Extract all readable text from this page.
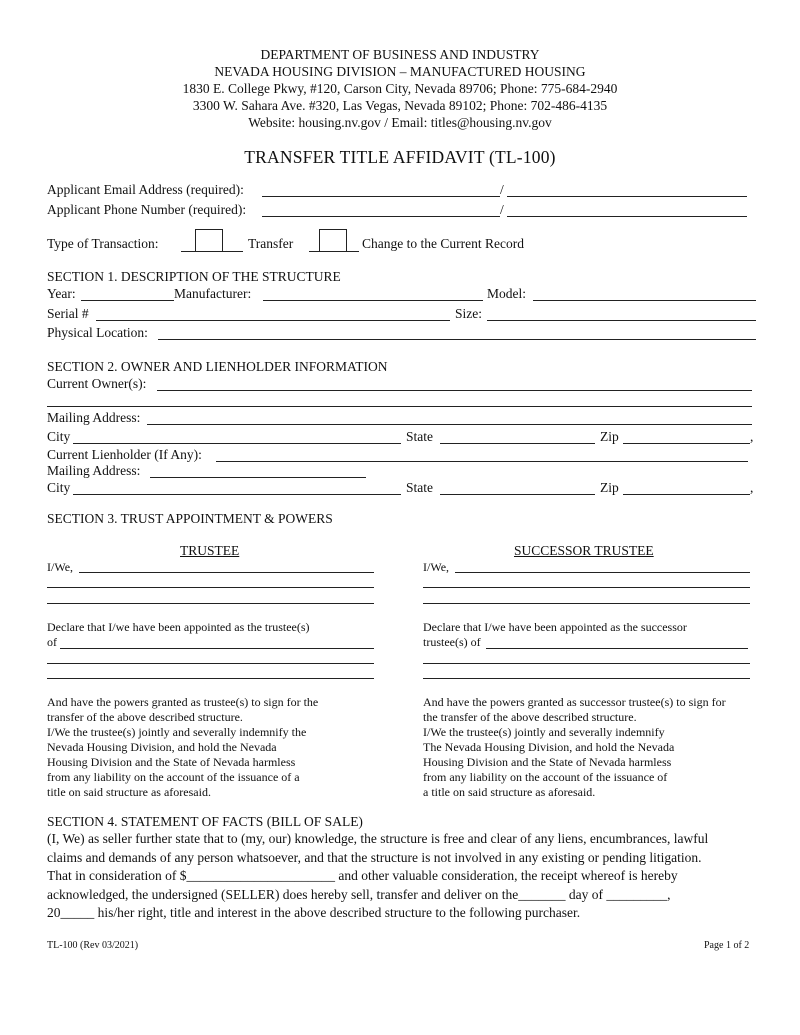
DEPARTMENT OF BUSINESS AND INDUSTRY
NEVADA HOUSING DIVISION – MANUFACTURED HOUSING
1830 E. College Pkwy, #120, Carson City, Nevada 89706; Phone: 775-684-2940
3300 W. Sahara Ave. #320, Las Vegas, Nevada 89102; Phone: 702-486-4135
Website: housing.nv.gov / Email: titles@housing.nv.gov
TRANSFER TITLE AFFIDAVIT (TL-100)
Applicant Email Address (required):	/
Applicant Phone Number (required):	/
Type of Transaction:	Transfer	Change to the Current Record
SECTION 1. DESCRIPTION OF THE STRUCTURE
Year:	Manufacturer:	Model:
Serial #	Size:
Physical Location:
SECTION 2. OWNER AND LIENHOLDER INFORMATION
Current Owner(s):
Mailing Address:
City	State	Zip	,
Current Lienholder (If Any):
Mailing Address:
City	State	Zip	,
SECTION 3. TRUST APPOINTMENT & POWERS
TRUSTEE
I/We,
Declare that I/we have been appointed as the trustee(s)
of
And have the powers granted as trustee(s) to sign for the
transfer of the above described structure.
I/We the trustee(s) jointly and severally indemnify the
Nevada Housing Division, and hold the Nevada
Housing Division and the State of Nevada harmless
from any liability on the account of the issuance of a
title on said structure as aforesaid.
SUCCESSOR TRUSTEE
I/We,
Declare that I/we have been appointed as the successor
trustee(s) of
And have the powers granted as successor trustee(s) to sign for
the transfer of the above described structure.
I/We the trustee(s) jointly and severally indemnify
The Nevada Housing Division, and hold the Nevada
Housing Division and the State of Nevada harmless
from any liability on the account of the issuance of
a title on said structure as aforesaid.
SECTION 4. STATEMENT OF FACTS (BILL OF SALE)
(I, We) as seller further state that to (my, our) knowledge, the structure is free and clear of any liens, encumbrances, lawful
claims and demands of any person whatsoever, and that the structure is not involved in any existing or pending litigation.
That in consideration of $______________________ and other valuable consideration, the receipt whereof is hereby
acknowledged, the undersigned (SELLER) does hereby sell, transfer and deliver on the_______ day of _________,
20_____ his/her right, title and interest in the above described structure to the following purchaser.
TL-100 (Rev 03/2021)	Page 1 of 2
